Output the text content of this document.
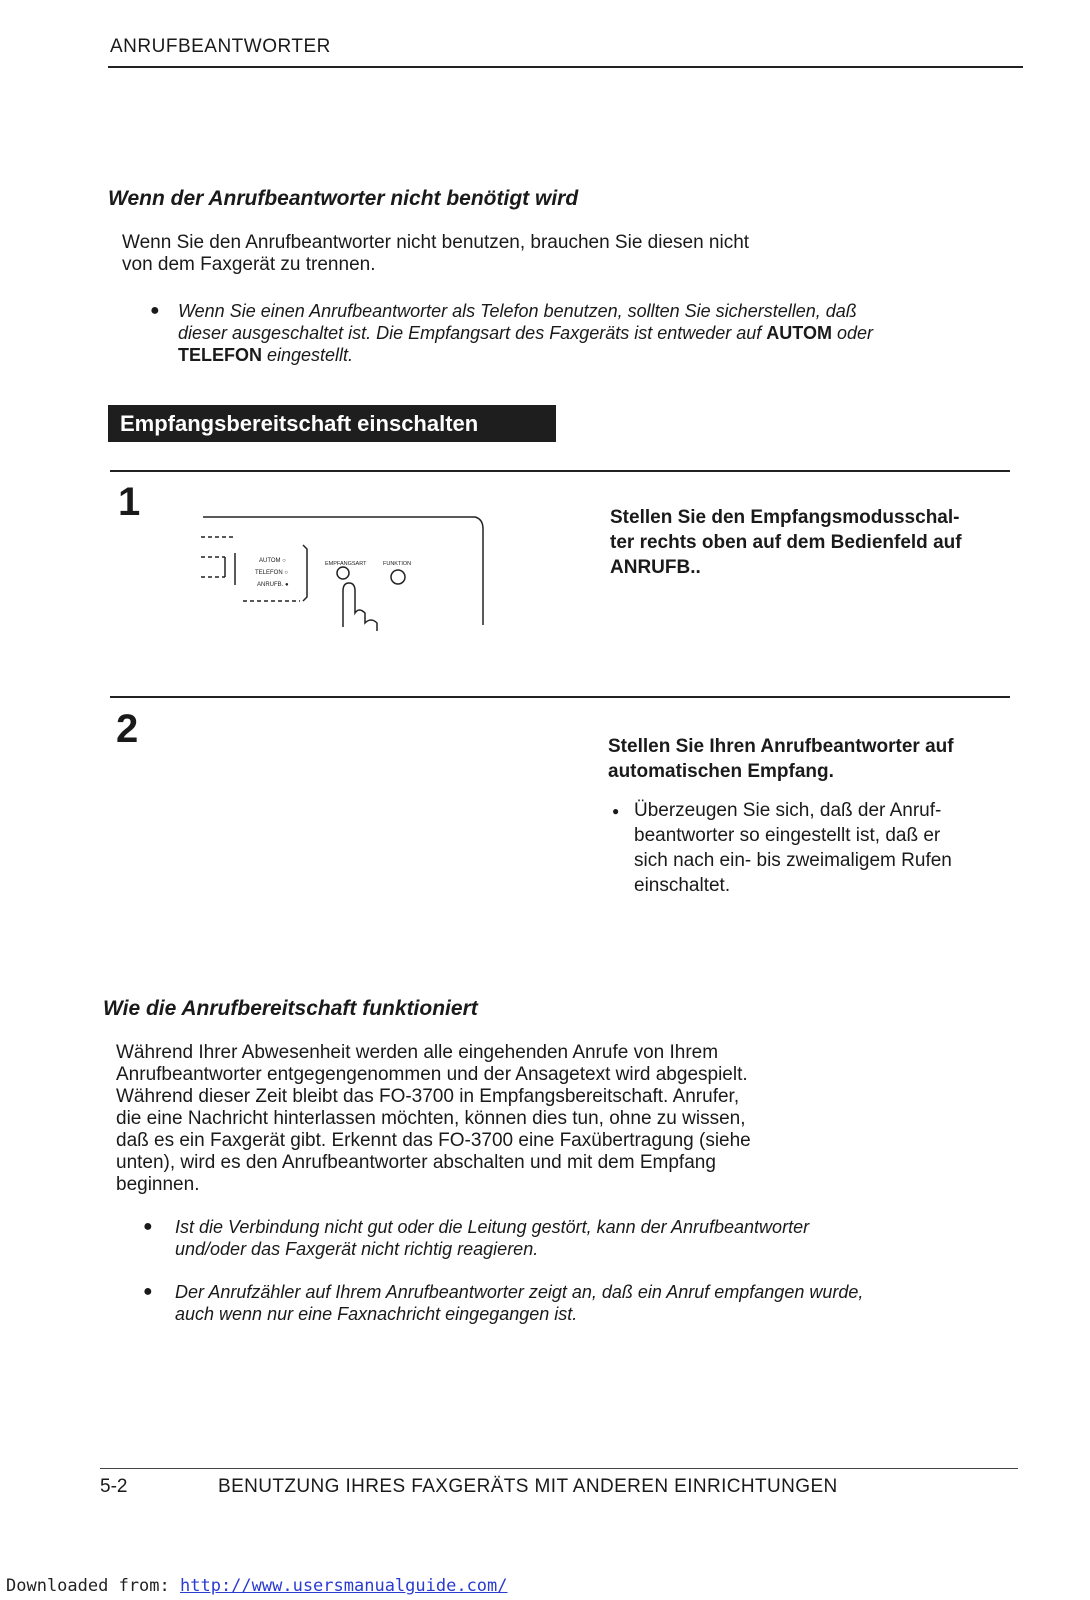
ANRUFBEANTWORTER
Wenn der Anrufbeantworter nicht benötigt wird
Wenn Sie den Anrufbeantworter nicht benutzen, brauchen Sie diesen nicht
von dem Faxgerät zu trennen.
●	Wenn Sie einen Anrufbeantworter als Telefon benutzen, sollten Sie sicherstellen, daß
dieser ausgeschaltet ist. Die Empfangsart des Faxgeräts ist entweder auf AUTOM oder
TELEFON eingestellt.
Empfangsbereitschaft einschalten
1
AUTOM ○
TELEFON ○
ANRUFB. ●
EMPFANGSART	FUNKTION
Stellen Sie den Empfangsmodusschal-
ter rechts oben auf dem Bedienfeld auf
ANRUFB..
2	Stellen Sie Ihren Anrufbeantworter auf
automatischen Empfang.
● Überzeugen Sie sich, daß der Anruf-
beantworter so eingestellt ist, daß er
sich nach ein- bis zweimaligem Rufen
einschaltet.
Wie die Anrufbereitschaft funktioniert
Während Ihrer Abwesenheit werden alle eingehenden Anrufe von Ihrem
Anrufbeantworter entgegengenommen und der Ansagetext wird abgespielt.
Während dieser Zeit bleibt das FO-3700 in Empfangsbereitschaft. Anrufer,
die eine Nachricht hinterlassen möchten, können dies tun, ohne zu wissen,
daß es ein Faxgerät gibt. Erkennt das FO-3700 eine Faxübertragung (siehe
unten), wird es den Anrufbeantworter abschalten und mit dem Empfang
beginnen.
●	Ist die Verbindung nicht gut oder die Leitung gestört, kann der Anrufbeantworter
und/oder das Faxgerät nicht richtig reagieren.
●	Der Anrufzähler auf Ihrem Anrufbeantworter zeigt an, daß ein Anruf empfangen wurde,
auch wenn nur eine Faxnachricht eingegangen ist.
5-2	BENUTZUNG IHRES FAXGERÄTS MIT ANDEREN EINRICHTUNGEN
Downloaded from: http://www.usersmanualguide.com/
